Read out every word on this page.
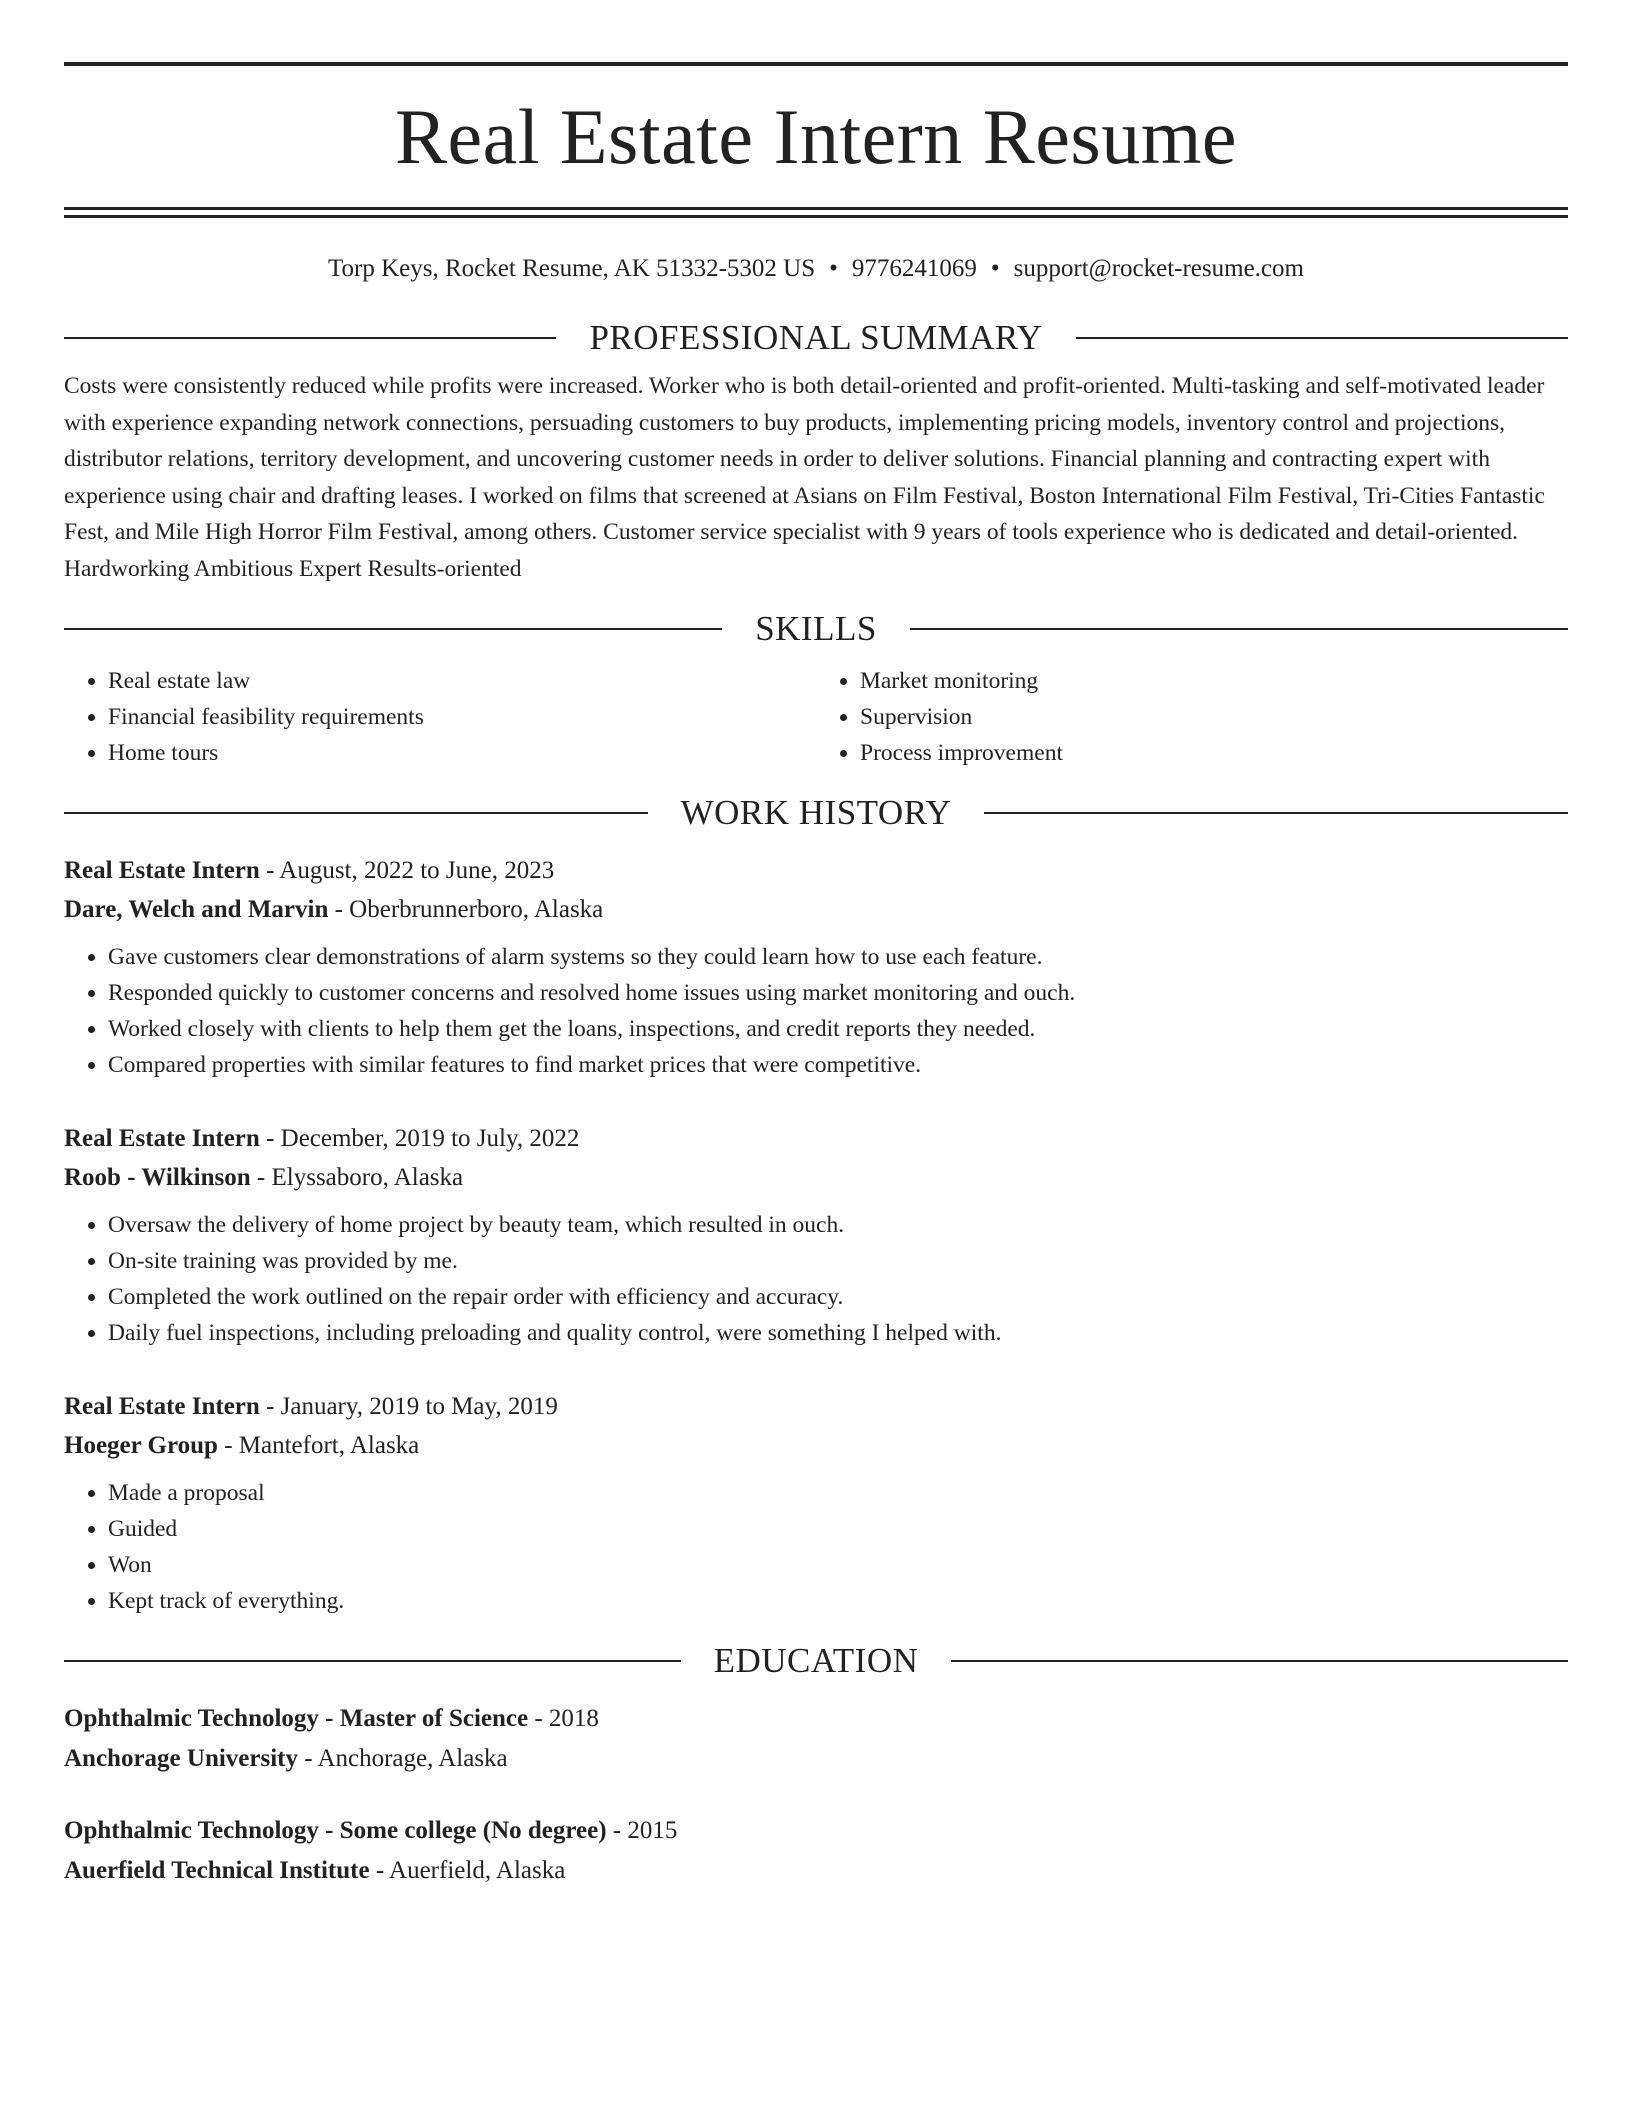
Real Estate Intern Resume
Torp Keys, Rocket Resume, AK 51332-5302 US • 9776241069 • support@rocket-resume.com
PROFESSIONAL SUMMARY

Costs were consistently reduced while profits were increased. Worker who is both detail-oriented and profit-oriented. Multi-tasking and self-motivated leader with experience expanding network connections, persuading customers to buy products, implementing pricing models, inventory control and projections, distributor relations, territory development, and uncovering customer needs in order to deliver solutions. Financial planning and contracting expert with experience using chair and drafting leases. I worked on films that screened at Asians on Film Festival, Boston International Film Festival, Tri-Cities Fantastic Fest, and Mile High Horror Film Festival, among others. Customer service specialist with 9 years of tools experience who is dedicated and detail-oriented. Hardworking Ambitious Expert Results-oriented

SKILLS
• Real estate law
• Financial feasibility requirements
• Home tours
• Market monitoring
• Supervision
• Process improvement
WORK HISTORY
Real Estate Intern - August, 2022 to June, 2023
Dare, Welch and Marvin - Oberbrunnerboro, Alaska
• Gave customers clear demonstrations of alarm systems so they could learn how to use each feature.
• Responded quickly to customer concerns and resolved home issues using market monitoring and ouch.
• Worked closely with clients to help them get the loans, inspections, and credit reports they needed.
• Compared properties with similar features to find market prices that were competitive.
Real Estate Intern - December, 2019 to July, 2022
Roob - Wilkinson - Elyssaboro, Alaska
• Oversaw the delivery of home project by beauty team, which resulted in ouch.
• On-site training was provided by me.
• Completed the work outlined on the repair order with efficiency and accuracy.
• Daily fuel inspections, including preloading and quality control, were something I helped with.
Real Estate Intern - January, 2019 to May, 2019
Hoeger Group - Mantefort, Alaska
• Made a proposal
• Guided
• Won
• Kept track of everything.
EDUCATION
Ophthalmic Technology - Master of Science - 2018
Anchorage University - Anchorage, Alaska
Ophthalmic Technology - Some college (No degree) - 2015
Auerfield Technical Institute - Auerfield, Alaska
